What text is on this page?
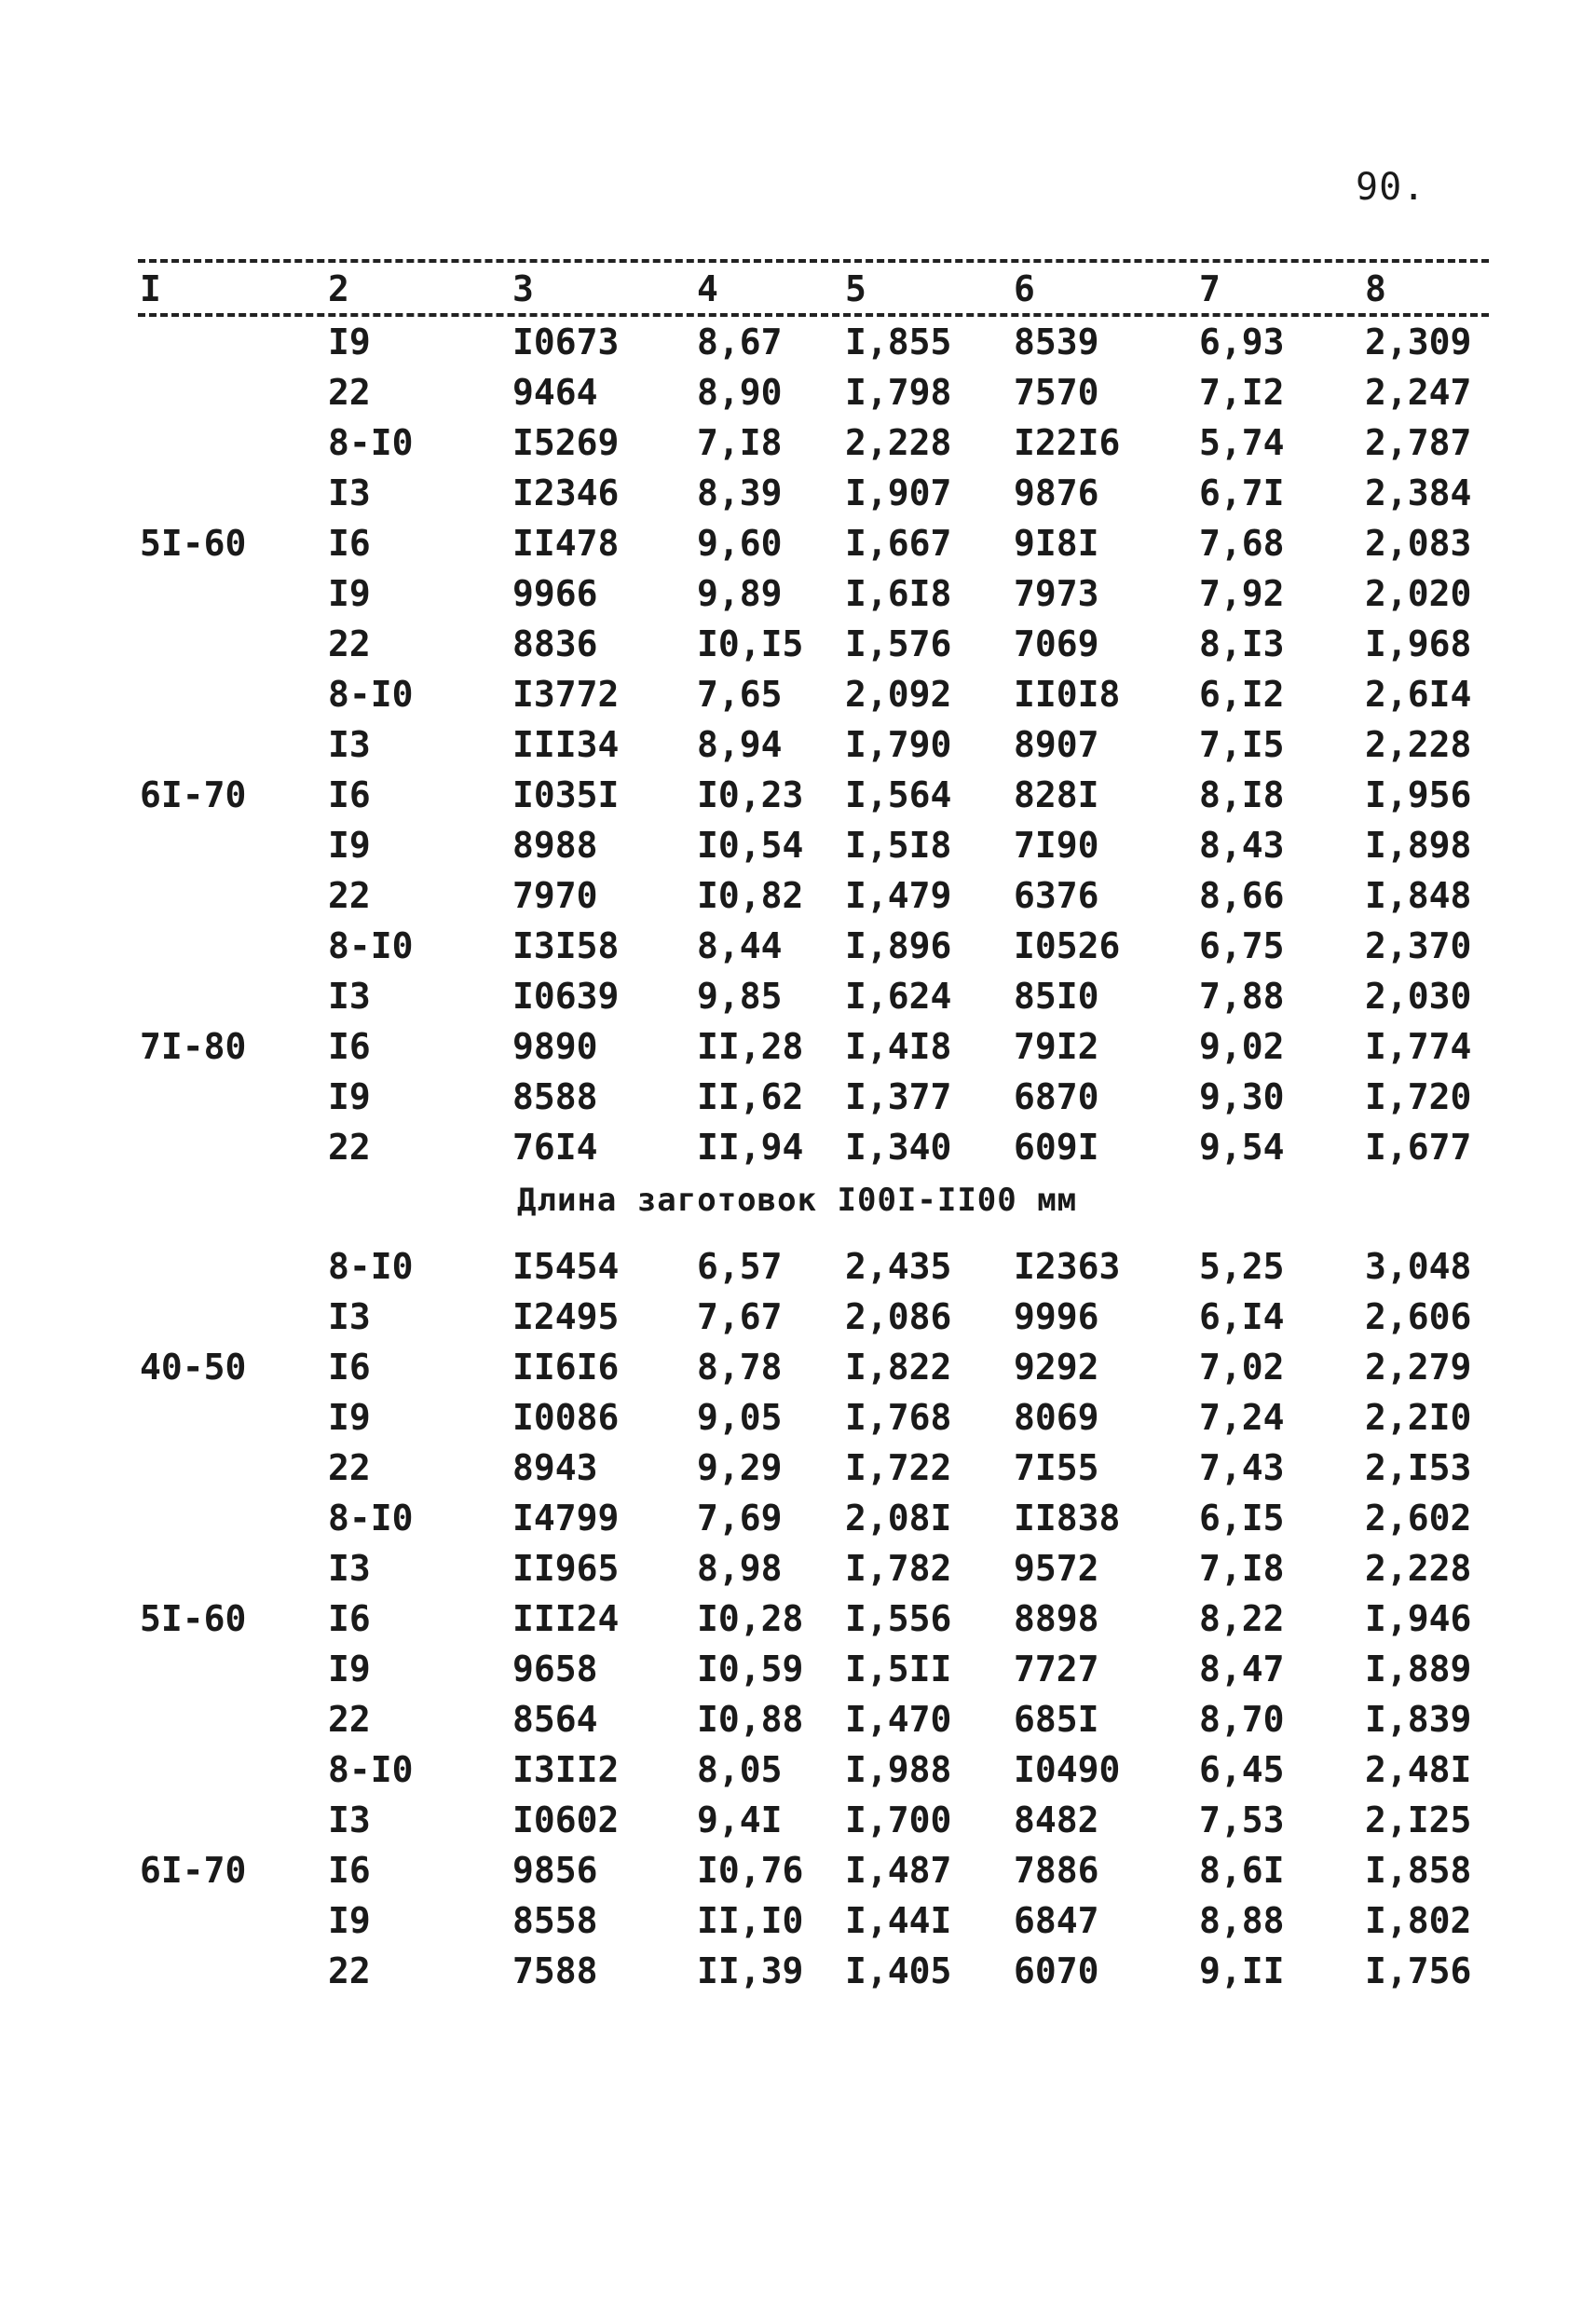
90.
I	2	3	4	5	6	7	8
I9	I0673 8,67 I,855 8539	6,93 2,309
22	9464	8,90 I,798 7570	7,I2 2,247
8-I0	I5269 7,I8 2,228 I22I6 5,74 2,787
I3	I2346 8,39 I,907 9876	6,7I 2,384
5I-60 I6	II478 9,60 I,667 9I8I	7,68 2,083
I9	9966	9,89 I,6I8 7973	7,92 2,020
22	8836	I0,I5 I,576 7069	8,I3 I,968
8-I0	I3772 7,65 2,092 II0I8 6,I2 2,6I4
I3	III34 8,94 I,790 8907	7,I5 2,228
6I-70 I6	I035I I0,23 I,564 828I	8,I8 I,956
I9	8988	I0,54 I,5I8 7I90	8,43 I,898
22	7970	I0,82 I,479 6376	8,66 I,848
8-I0	I3I58 8,44 I,896 I0526 6,75 2,370
I3	I0639 9,85 I,624 85I0	7,88 2,030
7I-80 I6	9890	II,28 I,4I8 79I2	9,02 I,774
I9	8588	II,62 I,377 6870	9,30 I,720
22	76I4	II,94 I,340 609I	9,54 I,677
Длина заготовок I00I-II00 мм
8-I0	I5454 6,57 2,435 I2363 5,25 3,048
I3	I2495 7,67 2,086 9996	6,I4 2,606
40-50 I6	II6I6 8,78 I,822 9292	7,02 2,279
I9	I0086 9,05 I,768 8069	7,24 2,2I0
22	8943	9,29 I,722 7I55	7,43 2,I53
8-I0	I4799 7,69 2,08I II838 6,I5 2,602
I3	II965 8,98 I,782 9572	7,I8 2,228
5I-60 I6	III24 I0,28 I,556 8898	8,22 I,946
I9	9658	I0,59 I,5II 7727	8,47 I,889
22	8564	I0,88 I,470 685I	8,70 I,839
8-I0	I3II2 8,05 I,988 I0490 6,45 2,48I
I3	I0602 9,4I I,700 8482	7,53 2,I25
6I-70 I6	9856	I0,76 I,487 7886	8,6I I,858
I9	8558	II,I0 I,44I 6847	8,88 I,802
22	7588	II,39 I,405 6070	9,II I,756
